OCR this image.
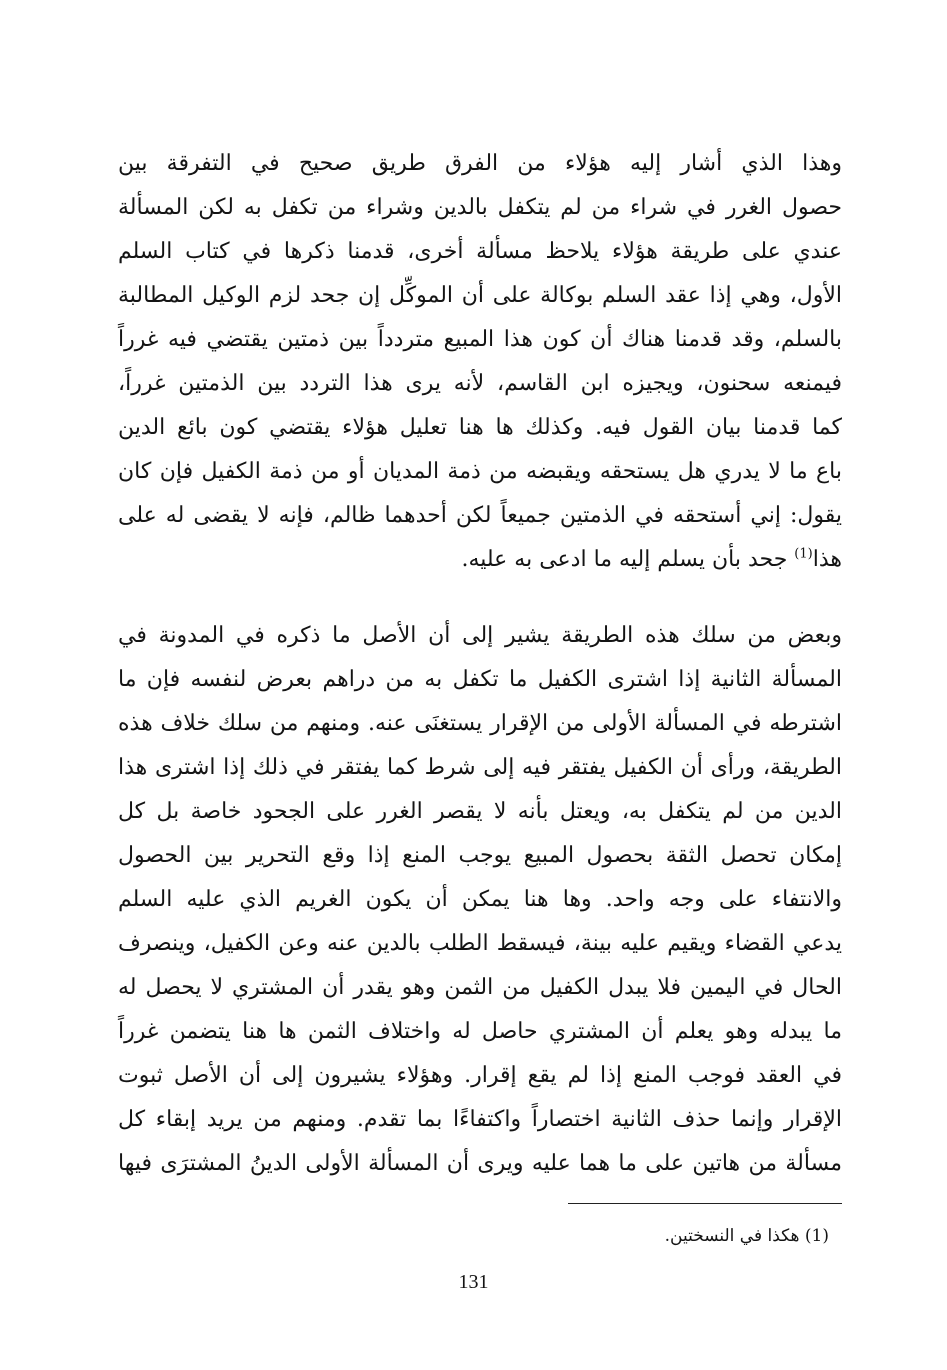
وهذا الذي أشار إليه هؤلاء من الفرق طريق صحيح في التفرقة بين
حصول الغرر في شراء من لم يتكفل بالدين وشراء من تكفل به لكن المسألة
عندي على طريقة هؤلاء يلاحظ مسألة أخرى، قدمنا ذكرها في كتاب السلم
الأول، وهي إذا عقد السلم بوكالة على أن الموكِّل إن جحد لزم الوكيل المطالبة
بالسلم، وقد قدمنا هناك أن كون هذا المبيع متردداً بين ذمتين يقتضي فيه غرراً
فيمنعه سحنون، ويجيزه ابن القاسم، لأنه يرى هذا التردد بين الذمتين غرراً،
كما قدمنا بيان القول فيه. وكذلك ها هنا تعليل هؤلاء يقتضي كون بائع الدين
باع ما لا يدري هل يستحقه ويقبضه من ذمة المديان أو من ذمة الكفيل فإن كان
يقول: إني أستحقه في الذمتين جميعاً لكن أحدهما ظالم، فإنه لا يقضى له على
هذا$^{(1)}$ جحد بأن يسلم إليه ما ادعى به عليه.
وبعض من سلك هذه الطريقة يشير إلى أن الأصل ما ذكره في المدونة في
المسألة الثانية إذا اشترى الكفيل ما تكفل به من دراهم بعرض لنفسه فإن ما
اشترطه في المسألة الأولى من الإقرار يستغنَى عنه. ومنهم من سلك خلاف هذه
الطريقة، ورأى أن الكفيل يفتقر فيه إلى شرط كما يفتقر في ذلك إذا اشترى هذا
الدين من لم يتكفل به، ويعتل بأنه لا يقصر الغرر على الجحود خاصة بل كل
إمكان تحصل الثقة بحصول المبيع يوجب المنع إذا وقع التحرير بين الحصول
والانتفاء على وجه واحد. وها هنا يمكن أن يكون الغريم الذي عليه السلم
يدعي القضاء ويقيم عليه بينة، فيسقط الطلب بالدين عنه وعن الكفيل، وينصرف
الحال في اليمين فلا يبدل الكفيل من الثمن وهو يقدر أن المشتري لا يحصل له
ما يبدله وهو يعلم أن المشتري حاصل له واختلاف الثمن ها هنا يتضمن غرراً
في العقد فوجب المنع إذا لم يقع إقرار. وهؤلاء يشيرون إلى أن الأصل ثبوت
الإقرار وإنما حذف الثانية اختصاراً واكتفاءًا بما تقدم. ومنهم من يريد إبقاء كل
مسألة من هاتين على ما هما عليه ويرى أن المسألة الأولى الدينُ المشترَى فيها
(1) هكذا في النسختين.
131
